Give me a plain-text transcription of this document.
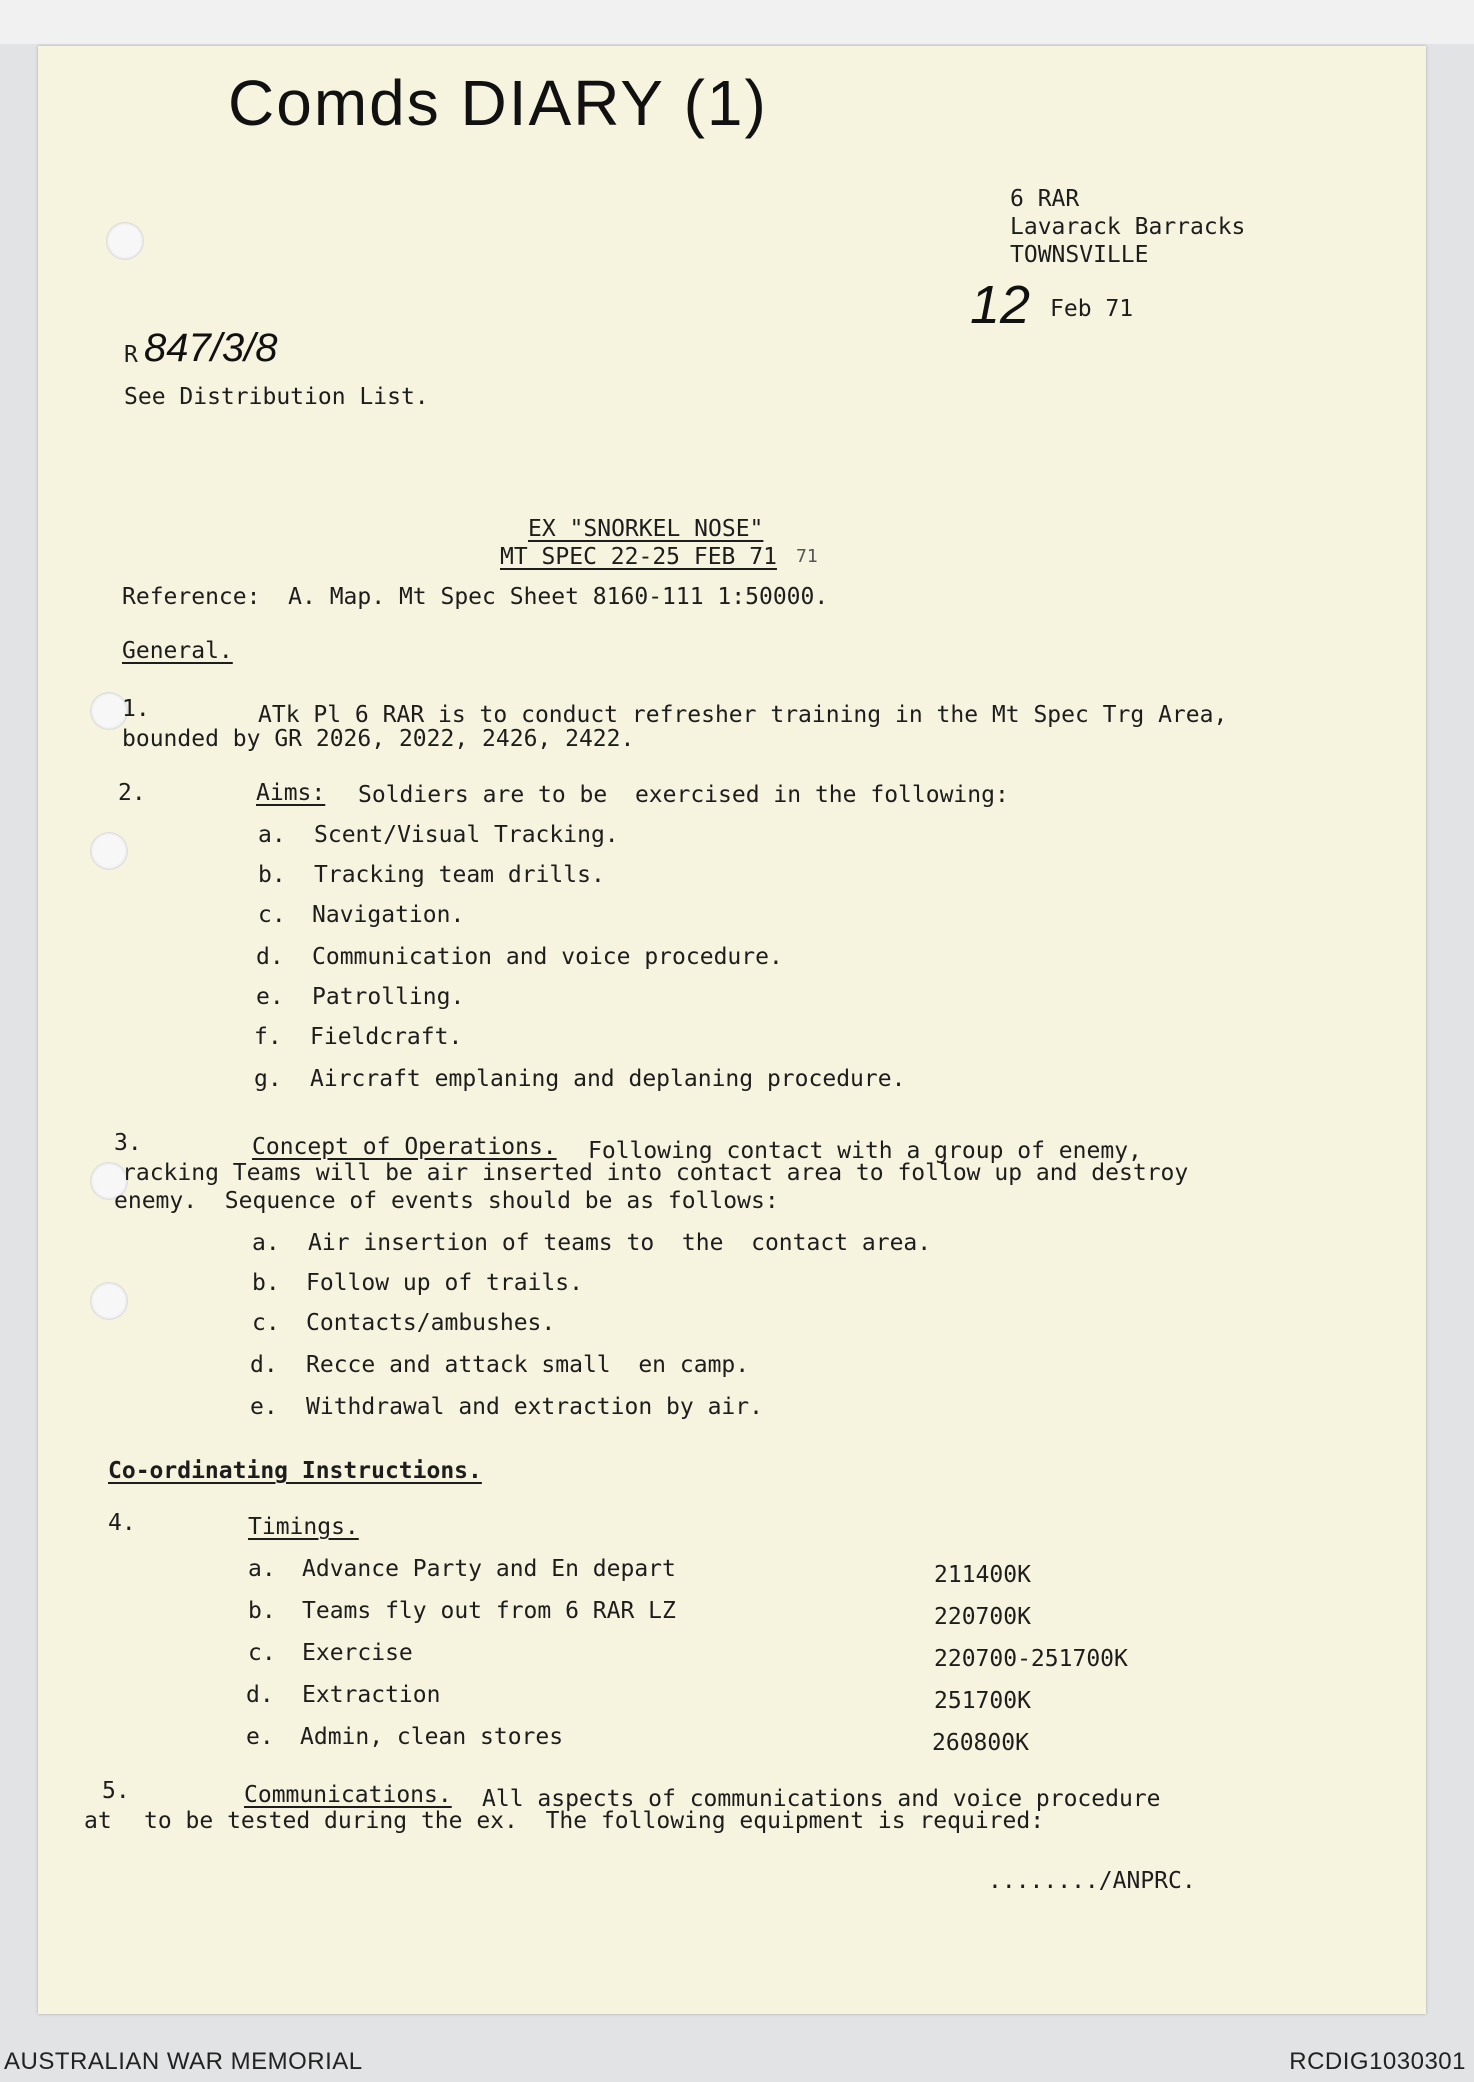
Comds DIARY (1)
6 RAR
Lavarack Barracks
TOWNSVILLE
12 Feb 71
R 847/3/8
See Distribution List.
EX "SNORKEL NOSE"
MT SPEC 22-25 FEB 71 71
Reference:  A. Map. Mt Spec Sheet 8160-111 1:50000.
General.
1.	ATk Pl 6 RAR is to conduct refresher training in the Mt Spec Trg Area,
bounded by GR 2026, 2022, 2426, 2422.
2.	Aims: Soldiers are to be  exercised in the following:
a. Scent/Visual Tracking.
b. Tracking team drills.
c. Navigation.
d. Communication and voice procedure.
e. Patrolling.
f. Fieldcraft.
g. Aircraft emplaning and deplaning procedure.
3.	Concept of Operations. Following contact with a group of enemy,
racking Teams will be air inserted into contact area to follow up and destroy
enemy.  Sequence of events should be as follows:
a. Air insertion of teams to  the  contact area.
b. Follow up of trails.
c. Contacts/ambushes.
d. Recce and attack small  en camp.
e. Withdrawal and extraction by air.
Co-ordinating Instructions.
4.	Timings.
a. Advance Party and En depart	211400K
b. Teams fly out from 6 RAR LZ	220700K
c. Exercise	220700-251700K
d. Extraction	251700K
e. Admin, clean stores	260800K
5.	Communications. All aspects of communications and voice procedure
at to be tested during the ex.  The following equipment is required:
......../ANPRC.
AUSTRALIAN WAR MEMORIAL	RCDIG1030301
